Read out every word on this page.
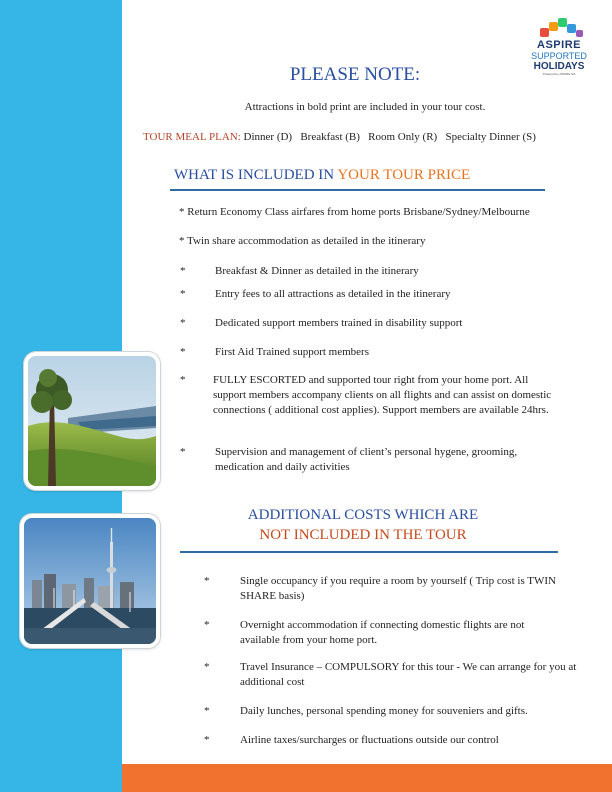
ASPIRE
SUPPORTED
HOLIDAYS
Powered by ASPIRE NZ
PLEASE NOTE:
Attractions in bold print are included in your tour cost.
TOUR MEAL PLAN: Dinner (D)   Breakfast (B)   Room Only (R)   Specialty Dinner (S)
WHAT IS INCLUDED IN YOUR TOUR PRICE
* Return Economy Class airfares from home ports Brisbane/Sydney/Melbourne
* Twin share accommodation as detailed in the itinerary
*	Breakfast & Dinner as detailed in the itinerary
*	Entry fees to all attractions as detailed in the itinerary
*	Dedicated support members trained in disability support
*	First Aid Trained support members
*	FULLY ESCORTED and supported tour right from your home port. All support members accompany clients on all flights and can assist on domestic connections ( additional cost applies). Support members are available 24hrs.
*	Supervision and management of client’s personal hygene, grooming, medication and daily activities
ADDITIONAL COSTS WHICH ARE
NOT INCLUDED IN THE TOUR
*	Single occupancy if you require a room by yourself ( Trip cost is TWIN SHARE basis)
*	Overnight accommodation if connecting domestic flights are not available from your home port.
*	Travel Insurance – COMPULSORY for this tour - We can arrange for you at additional cost
*	Daily lunches, personal spending money for souveniers and gifts.
*	Airline taxes/surcharges or fluctuations outside our control
